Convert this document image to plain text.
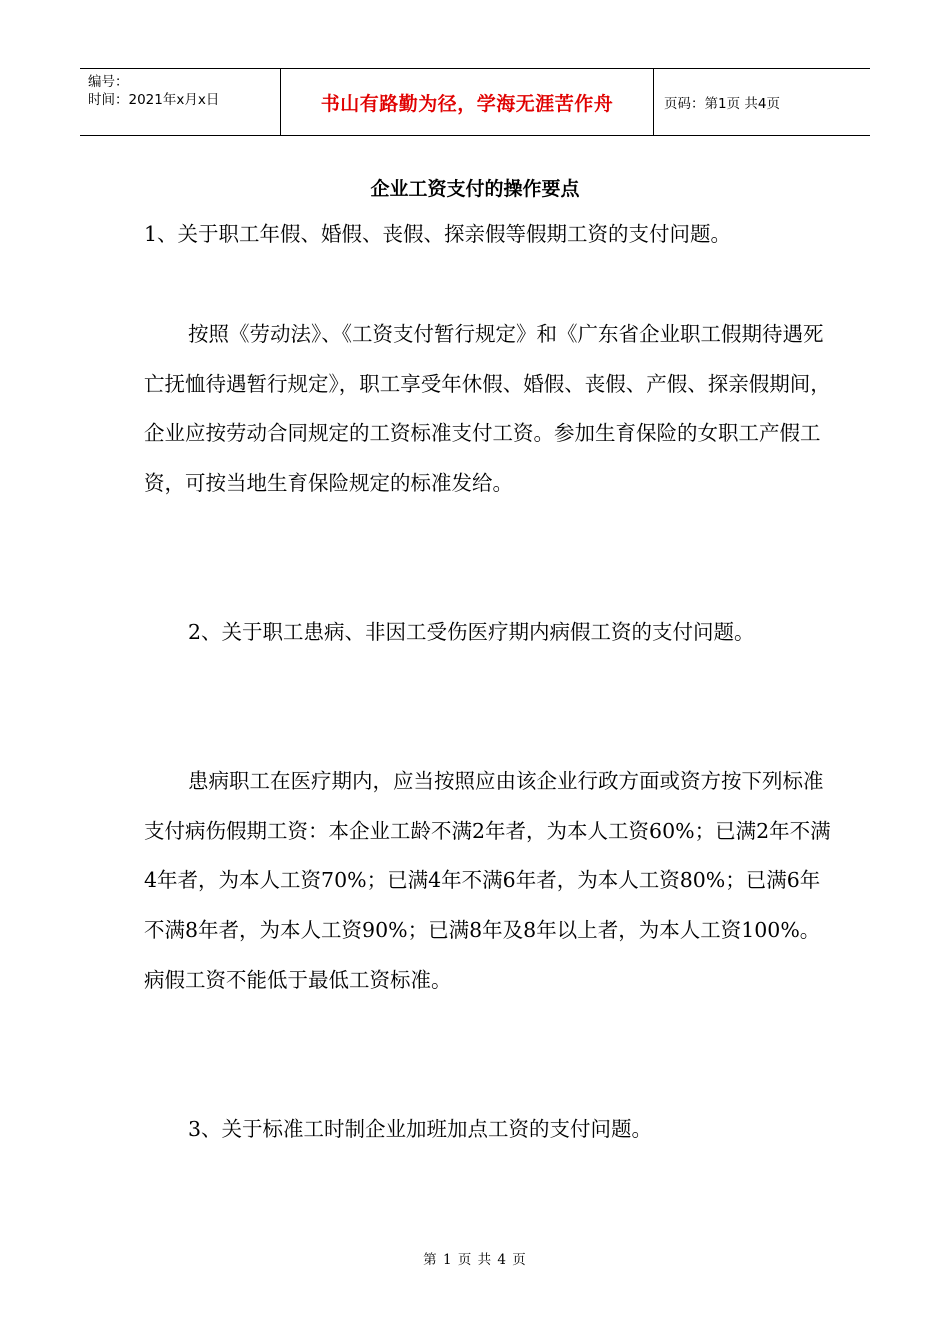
编号：
时间：2021年x月x日	书山有路勤为径，学海无涯苦作舟	页码：第1页 共4页
企业工资支付的操作要点

1、关于职工年假、婚假、丧假、探亲假等假期工资的支付问题。

按照《劳动法》、《工资支付暂行规定》和《广东省企业职工假期待遇死亡抚恤待遇暂行规定》，职工享受年休假、婚假、丧假、产假、探亲假期间，企业应按劳动合同规定的工资标准支付工资。参加生育保险的女职工产假工资，可按当地生育保险规定的标准发给。

2、关于职工患病、非因工受伤医疗期内病假工资的支付问题。

患病职工在医疗期内，应当按照应由该企业行政方面或资方按下列标准支付病伤假期工资：本企业工龄不满2年者，为本人工资60%；已满2年不满4年者，为本人工资70%；已满4年不满6年者，为本人工资80%；已满6年不满8年者，为本人工资90%；已满8年及8年以上者，为本人工资100%。病假工资不能低于最低工资标准。

3、关于标准工时制企业加班加点工资的支付问题。

第 1 页 共 4 页
